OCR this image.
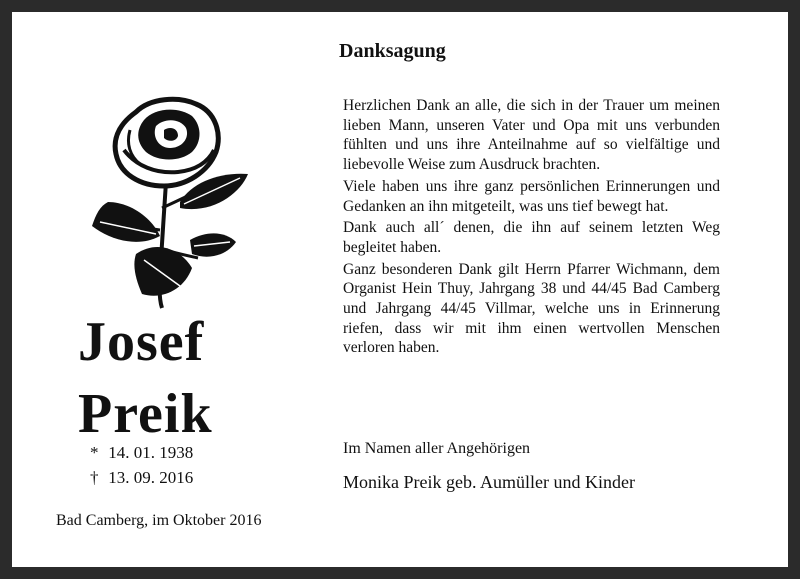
Josef
Preik
* 14. 01. 1938
† 13. 09. 2016
Bad Camberg, im Oktober 2016
Danksagung

Herzlichen Dank an alle, die sich in der Trauer um meinen lieben Mann, unseren Vater und Opa mit uns verbunden fühlten und uns ihre Anteilnahme auf so vielfältige und liebevolle Weise zum Ausdruck brachten.

Viele haben uns ihre ganz persönlichen Erinnerungen und Gedanken an ihn mitgeteilt, was uns tief bewegt hat.

Dank auch all´ denen, die ihn auf seinem letzten Weg begleitet haben.

Ganz besonderen Dank gilt Herrn Pfarrer Wichmann, dem Organist Hein Thuy, Jahrgang 38 und 44/45 Bad Camberg und Jahrgang 44/45 Villmar, welche uns in Erinnerung riefen, dass wir mit ihm einen wertvollen Menschen verloren haben.

Im Namen aller Angehörigen
Monika Preik geb. Aumüller und Kinder
